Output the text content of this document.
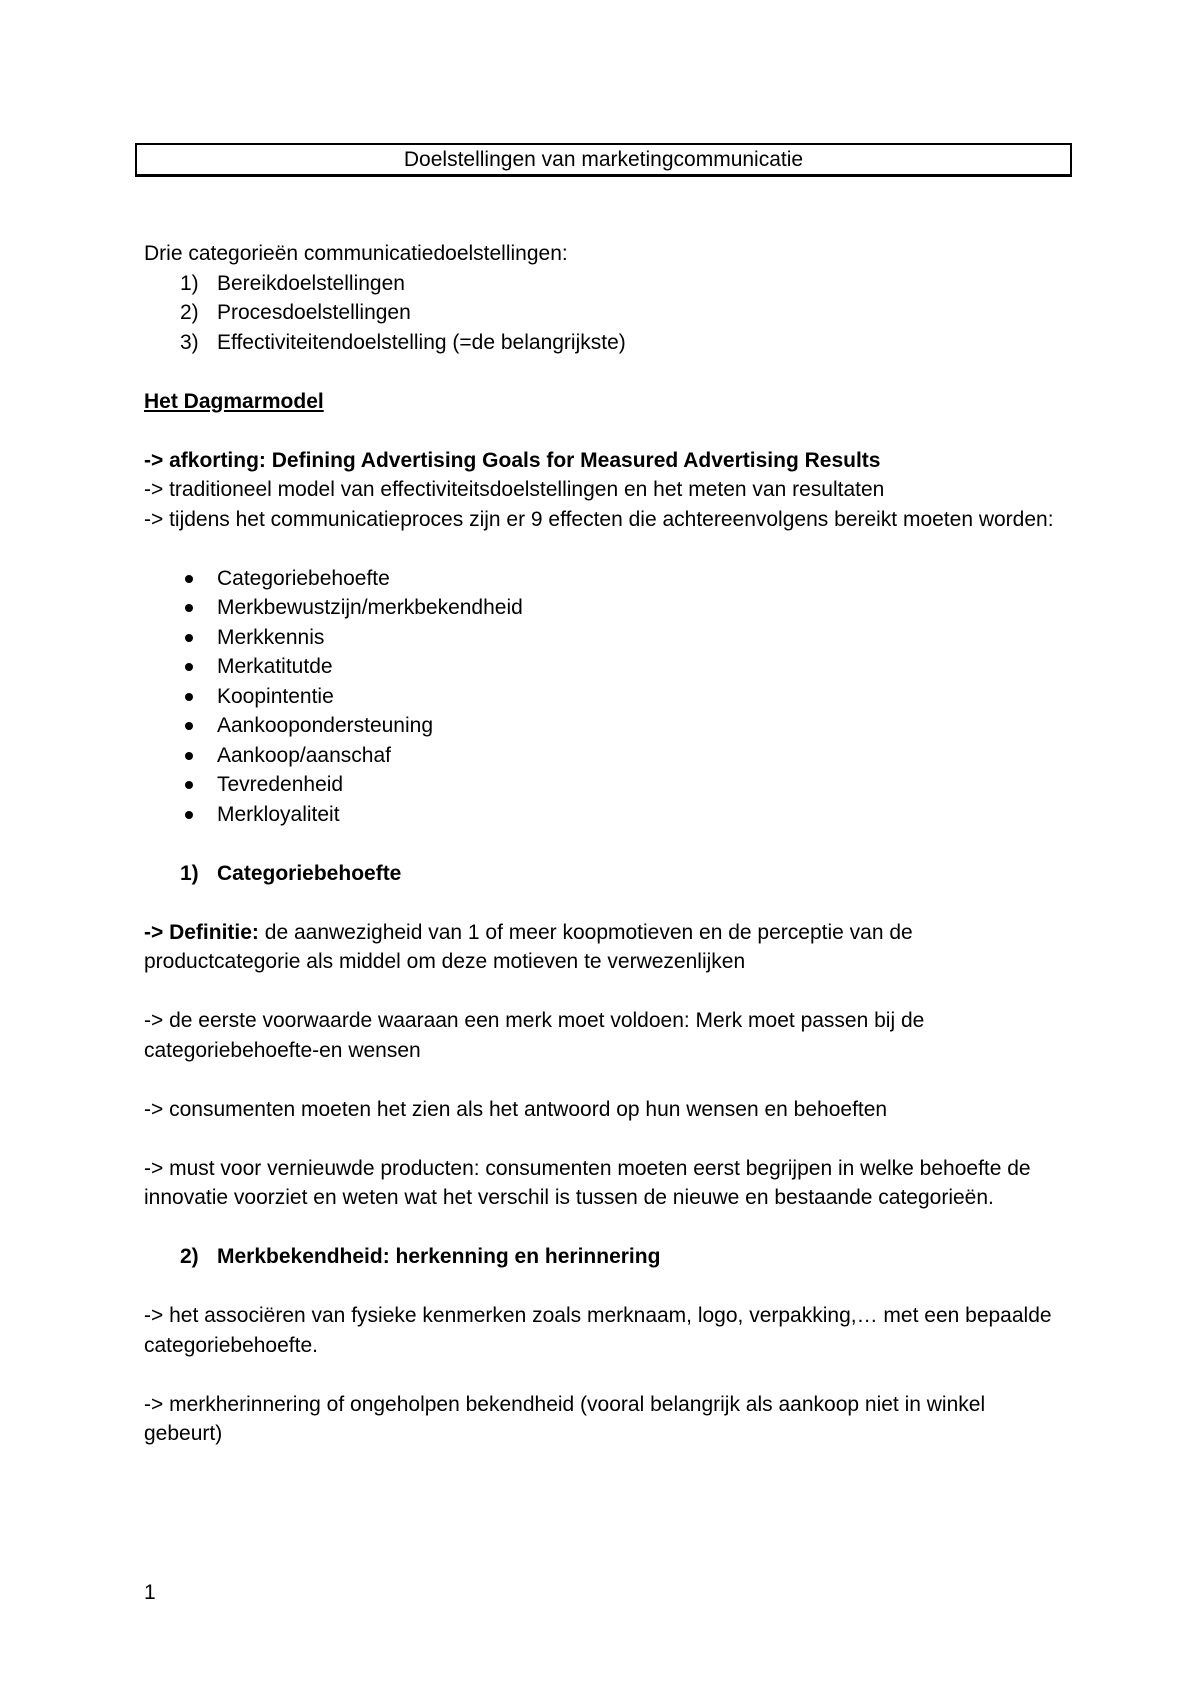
Doelstellingen van marketingcommunicatie

Drie categorieën communicatiedoelstellingen:

1) Bereikdoelstellingen

2) Procesdoelstellingen

3) Effectiviteitendoelstelling (=de belangrijkste)

Het Dagmarmodel

-> afkorting: Defining Advertising Goals for Measured Advertising Results

-> traditioneel model van effectiviteitsdoelstellingen en het meten van resultaten

-> tijdens het communicatieproces zijn er 9 effecten die achtereenvolgens bereikt moeten worden:

Categoriebehoefte

Merkbewustzijn/merkbekendheid

Merkkennis

Merkatitutde

Koopintentie

Aankoopondersteuning

Aankoop/aanschaf

Tevredenheid

Merkloyaliteit

1) Categoriebehoefte

-> Definitie: de aanwezigheid van 1 of meer koopmotieven en de perceptie van de productcategorie als middel om deze motieven te verwezenlijken

-> de eerste voorwaarde waaraan een merk moet voldoen: Merk moet passen bij de categoriebehoefte-en wensen

-> consumenten moeten het zien als het antwoord op hun wensen en behoeften

-> must voor vernieuwde producten: consumenten moeten eerst begrijpen in welke behoefte de innovatie voorziet en weten wat het verschil is tussen de nieuwe en bestaande categorieën.

2) Merkbekendheid: herkenning en herinnering

-> het associëren van fysieke kenmerken zoals merknaam, logo, verpakking,… met een bepaalde categoriebehoefte.

-> merkherinnering of ongeholpen bekendheid (vooral belangrijk als aankoop niet in winkel gebeurt)

1
